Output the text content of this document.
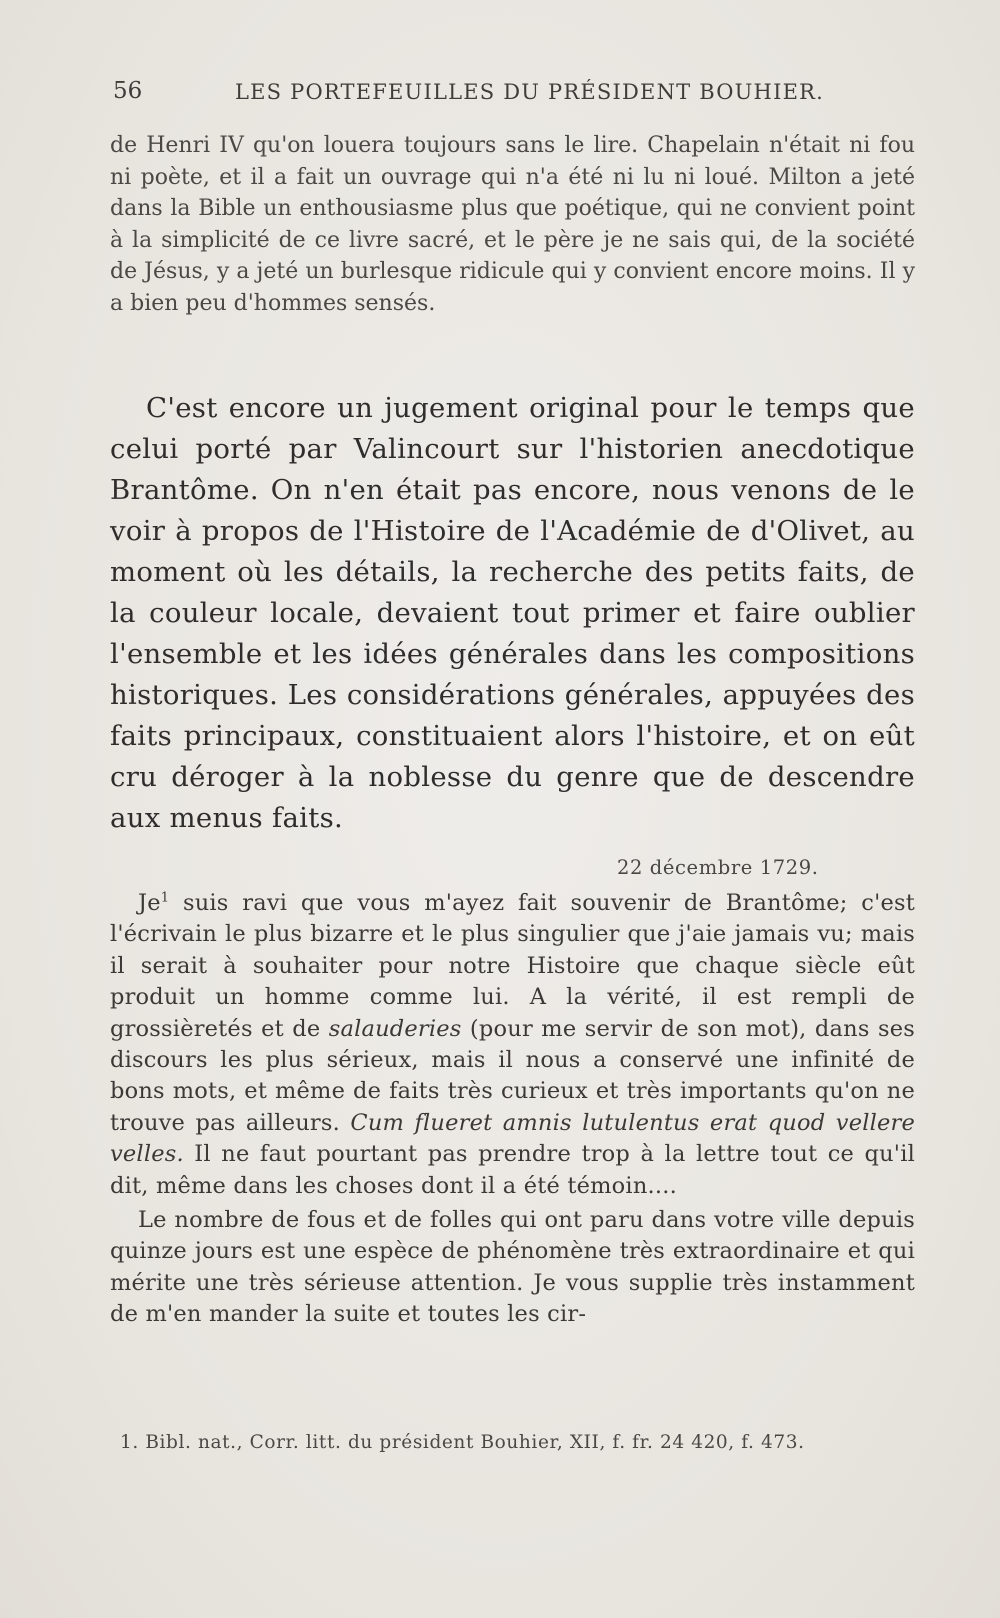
56	LES PORTEFEUILLES DU PRÉSIDENT BOUHIER.

de Henri IV qu'on louera toujours sans le lire. Chapelain n'était ni fou ni poète, et il a fait un ouvrage qui n'a été ni lu ni loué. Milton a jeté dans la Bible un enthousiasme plus que poétique, qui ne convient point à la simplicité de ce livre sacré, et le père je ne sais qui, de la société de Jésus, y a jeté un burlesque ridicule qui y convient encore moins. Il y a bien peu d'hommes sensés.

C'est encore un jugement original pour le temps que celui porté par Valincourt sur l'historien anecdotique Brantôme. On n'en était pas encore, nous venons de le voir à propos de l'Histoire de l'Académie de d'Olivet, au moment où les détails, la recherche des petits faits, de la couleur locale, devaient tout primer et faire oublier l'ensemble et les idées générales dans les compositions historiques. Les considérations générales, appuyées des faits principaux, constituaient alors l'histoire, et on eût cru déroger à la noblesse du genre que de descendre aux menus faits.

22 décembre 1729.

Je$^1$ suis ravi que vous m'ayez fait souvenir de Brantôme; c'est l'écrivain le plus bizarre et le plus singulier que j'aie jamais vu; mais il serait à souhaiter pour notre Histoire que chaque siècle eût produit un homme comme lui. A la vérité, il est rempli de grossièretés et de salauderies (pour me servir de son mot), dans ses discours les plus sérieux, mais il nous a conservé une infinité de bons mots, et même de faits très curieux et très importants qu'on ne trouve pas ailleurs. Cum flueret amnis lutulentus erat quod vellere velles. Il ne faut pourtant pas prendre trop à la lettre tout ce qu'il dit, même dans les choses dont il a été témoin....

Le nombre de fous et de folles qui ont paru dans votre ville depuis quinze jours est une espèce de phénomène très extraordinaire et qui mérite une très sérieuse attention. Je vous supplie très instamment de m'en mander la suite et toutes les cir-

1. Bibl. nat., Corr. litt. du président Bouhier, XII, f. fr. 24 420, f. 473.
